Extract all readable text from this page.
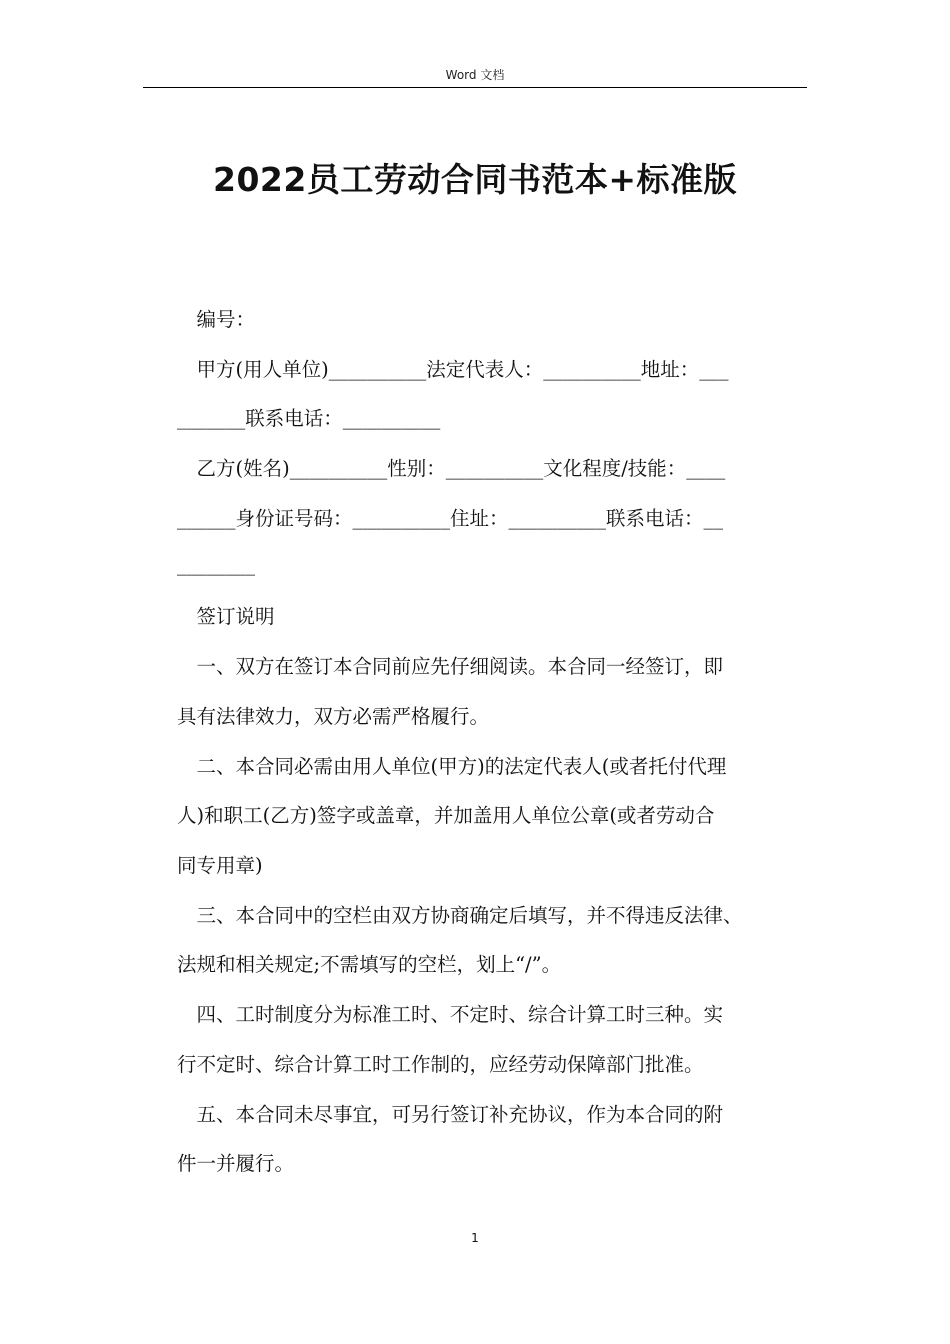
Word 文档
2022员工劳动合同书范本+标准版
　编号：
　甲方(用人单位)__________法定代表人：__________地址：___
_______联系电话：__________
　乙方(姓名)__________性别：__________文化程度/技能：____
______身份证号码：__________住址：__________联系电话：__
________
　签订说明
　一、双方在签订本合同前应先仔细阅读。本合同一经签订，即
具有法律效力，双方必需严格履行。
　二、本合同必需由用人单位(甲方)的法定代表人(或者托付代理
人)和职工(乙方)签字或盖章，并加盖用人单位公章(或者劳动合
同专用章)
　三、本合同中的空栏由双方协商确定后填写，并不得违反法律、
法规和相关规定;不需填写的空栏，划上“/”。
　四、工时制度分为标准工时、不定时、综合计算工时三种。实
行不定时、综合计算工时工作制的，应经劳动保障部门批准。
　五、本合同未尽事宜，可另行签订补充协议，作为本合同的附
件一并履行。
1
